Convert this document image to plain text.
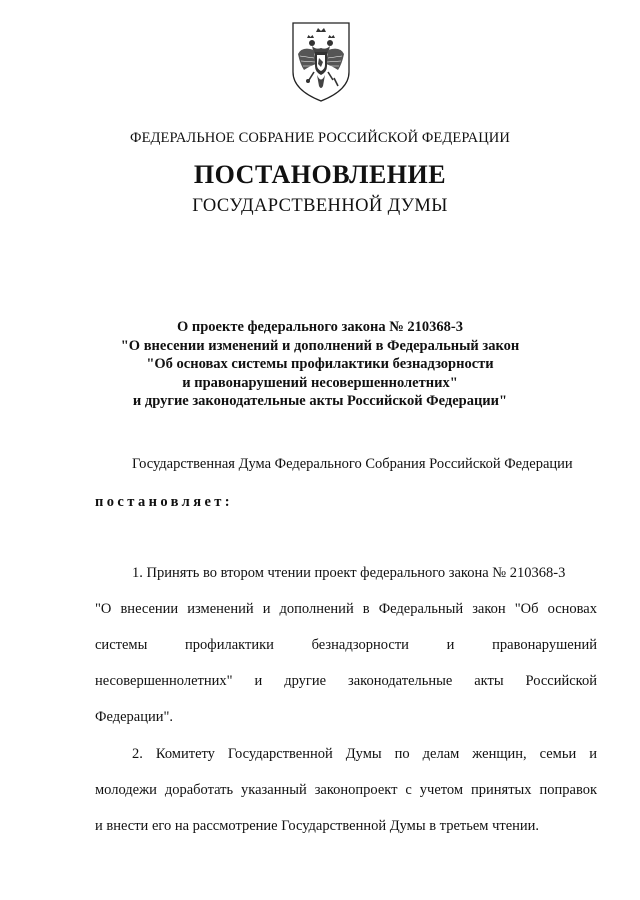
ФЕДЕРАЛЬНОЕ СОБРАНИЕ РОССИЙСКОЙ ФЕДЕРАЦИИ
ПОСТАНОВЛЕНИЕ
ГОСУДАРСТВЕННОЙ ДУМЫ
О проекте федерального закона № 210368-3
"О внесении изменений и дополнений в Федеральный закон
"Об основах системы профилактики безнадзорности
и правонарушений несовершеннолетних"
и другие законодательные акты Российской Федерации"
Государственная Дума Федерального Собрания Российской Федерации
постановляет:
1. Принять во втором чтении проект федерального закона № 210368-3
"О внесении изменений и дополнений в Федеральный закон "Об основах
системы профилактики безнадзорности и правонарушений
несовершеннолетних" и другие законодательные акты Российской
Федерации".
2. Комитету Государственной Думы по делам женщин, семьи и
молодежи доработать указанный законопроект с учетом принятых поправок
и внести его на рассмотрение Государственной Думы в третьем чтении.
